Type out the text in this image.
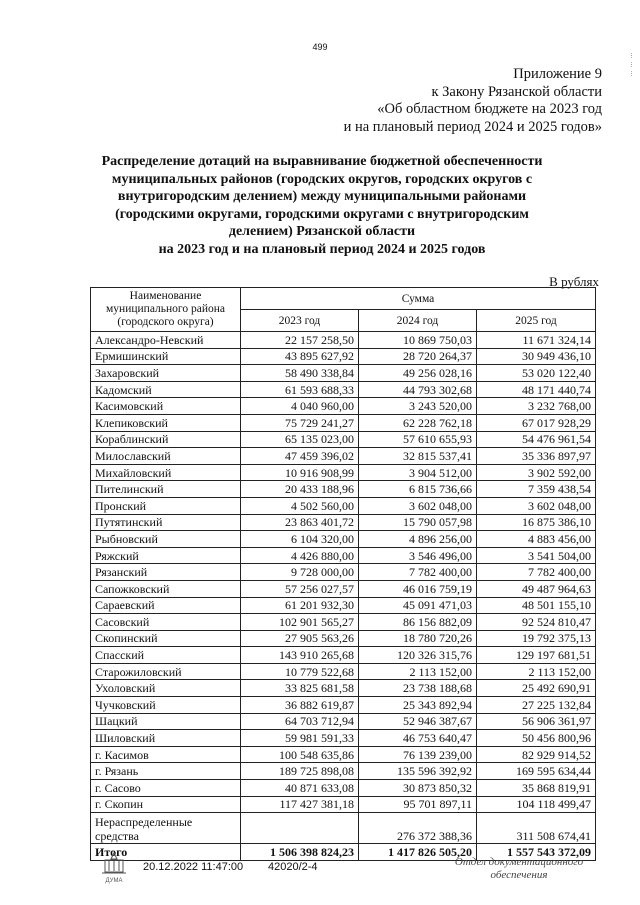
499
………
Приложение 9
к Закону Рязанской области
«Об областном бюджете на 2023 год
и на плановый период 2024 и 2025 годов»
Распределение дотаций на выравнивание бюджетной обеспеченности
муниципальных районов (городских округов, городских округов с
внутригородским делением) между муниципальными районами
(городскими округами, городскими округами с внутригородским
делением) Рязанской области
на 2023 год и на плановый период 2024 и 2025 годов
В рублях
Наименование муниципального района (городского округа)	Сумма		
	2023 год	2024 год	2025 год
Александро-Невский	22 157 258,50	10 869 750,03	11 671 324,14
Ермишинский	43 895 627,92	28 720 264,37	30 949 436,10
Захаровский	58 490 338,84	49 256 028,16	53 020 122,40
Кадомский	61 593 688,33	44 793 302,68	48 171 440,74
Касимовский	4 040 960,00	3 243 520,00	3 232 768,00
Клепиковский	75 729 241,27	62 228 762,18	67 017 928,29
Кораблинский	65 135 023,00	57 610 655,93	54 476 961,54
Милославский	47 459 396,02	32 815 537,41	35 336 897,97
Михайловский	10 916 908,99	3 904 512,00	3 902 592,00
Пителинский	20 433 188,96	6 815 736,66	7 359 438,54
Пронский	4 502 560,00	3 602 048,00	3 602 048,00
Путятинский	23 863 401,72	15 790 057,98	16 875 386,10
Рыбновский	6 104 320,00	4 896 256,00	4 883 456,00
Ряжский	4 426 880,00	3 546 496,00	3 541 504,00
Рязанский	9 728 000,00	7 782 400,00	7 782 400,00
Сапожковский	57 256 027,57	46 016 759,19	49 487 964,63
Сараевский	61 201 932,30	45 091 471,03	48 501 155,10
Сасовский	102 901 565,27	86 156 882,09	92 524 810,47
Скопинский	27 905 563,26	18 780 720,26	19 792 375,13
Спасский	143 910 265,68	120 326 315,76	129 197 681,51
Старожиловский	10 779 522,68	2 113 152,00	2 113 152,00
Ухоловский	33 825 681,58	23 738 188,68	25 492 690,91
Чучковский	36 882 619,87	25 343 892,94	27 225 132,84
Шацкий	64 703 712,94	52 946 387,67	56 906 361,97
Шиловский	59 981 591,33	46 753 640,47	50 456 800,96
г. Касимов	100 548 635,86	76 139 239,00	82 929 914,52
г. Рязань	189 725 898,08	135 596 392,92	169 595 634,44
г. Сасово	40 871 633,08	30 873 850,32	35 868 819,91
г. Скопин	117 427 381,18	95 701 897,11	104 118 499,47
Нераспределенные средства		276 372 388,36	311 508 674,41
Итого	1 506 398 824,23	1 417 826 505,20	1 557 543 372,09
ДУМА
20.12.2022 11:47:00 42020/2-4	Отдел документационного
обеспечения
